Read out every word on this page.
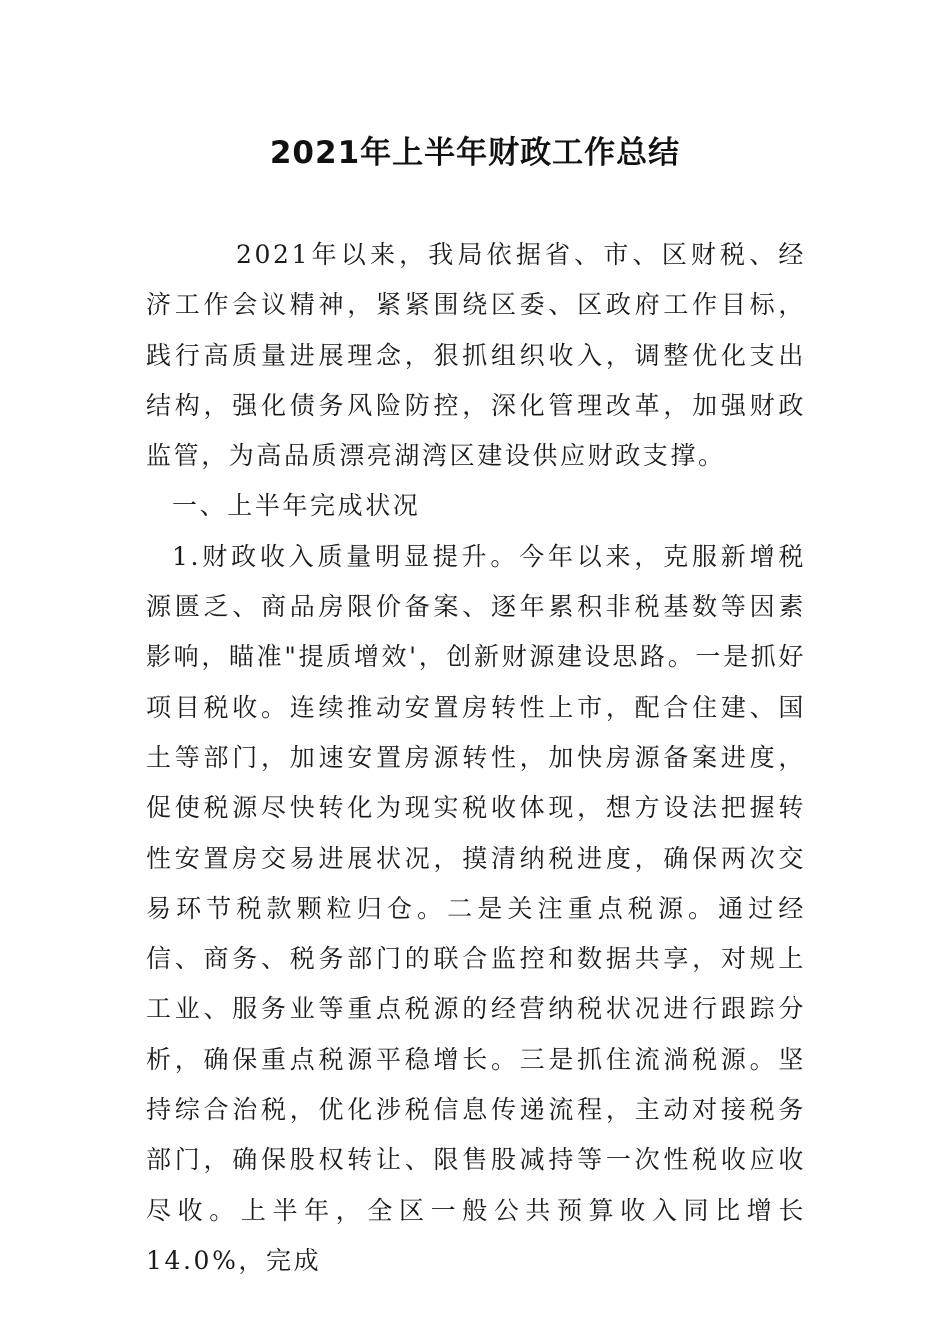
2021年上半年财政工作总结

2021年以来，我局依据省、市、区财税、经济工作会议精神，紧紧围绕区委、区政府工作目标，践行高质量进展理念，狠抓组织收入，调整优化支出结构，强化债务风险防控，深化管理改革，加强财政监管，为高品质漂亮湖湾区建设供应财政支撑。

一、上半年完成状况

1.财政收入质量明显提升。今年以来，克服新增税源匮乏、商品房限价备案、逐年累积非税基数等因素影响，瞄准"提质增效'，创新财源建设思路。一是抓好项目税收。连续推动安置房转性上市，配合住建、国土等部门，加速安置房源转性，加快房源备案进度，促使税源尽快转化为现实税收体现，想方设法把握转性安置房交易进展状况，摸清纳税进度，确保两次交易环节税款颗粒归仓。二是关注重点税源。通过经信、商务、税务部门的联合监控和数据共享，对规上工业、服务业等重点税源的经营纳税状况进行跟踪分析，确保重点税源平稳增长。三是抓住流淌税源。坚持综合治税，优化涉税信息传递流程，主动对接税务部门，确保股权转让、限售股减持等一次性税收应收尽收。上半年，全区一般公共预算收入同比增长14.0%，完成
